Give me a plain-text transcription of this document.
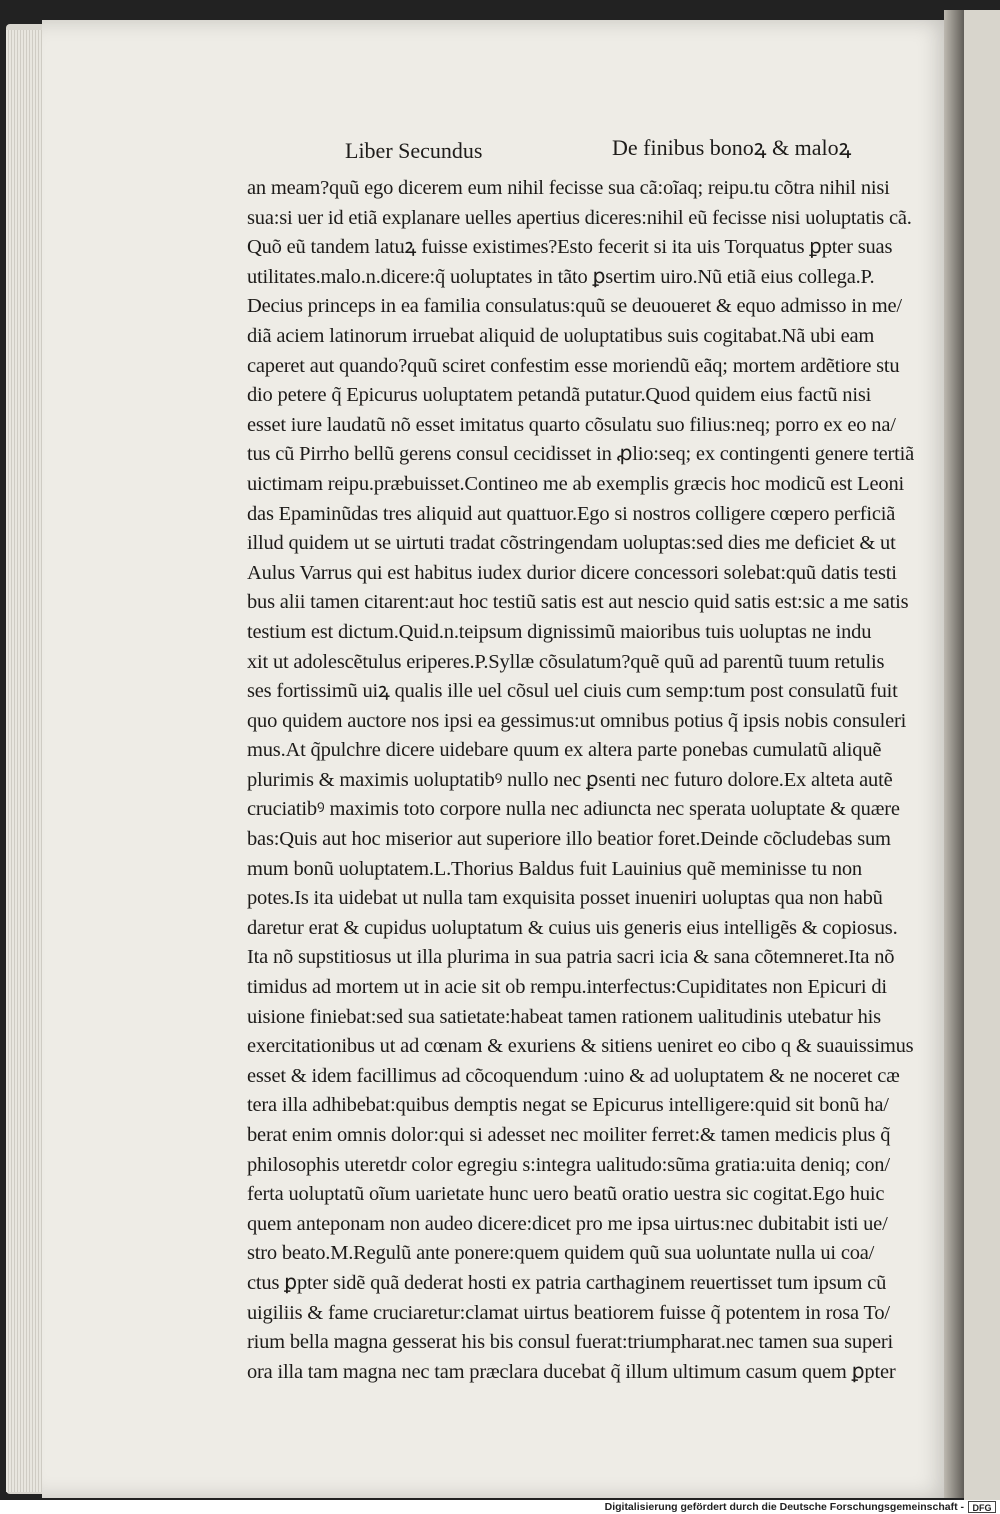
Liber Secundus	De finibus bonoꝝ & maloꝝ
an meam?quũ ego dicerem eum nihil fecisse sua cã:oĩaq; reipu.tu cõtra nihil nisi
sua:si uer id etiã explanare uelles apertius diceres:nihil eũ fecisse nisi uoluptatis cã.
Quõ eũ tandem latuꝝ fuisse existimes?Esto fecerit si ita uis Torquatus ꝑpter suas
utilitates.malo.n.dicere:q̃ uoluptates in tãto ꝑsertim uiro.Nũ etiã eius collega.P.
Decius princeps in ea familia consulatus:quũ se deuoueret & equo admisso in me/
diã aciem latinorum irruebat aliquid de uoluptatibus suis cogitabat.Nã ubi eam
caperet aut quando?quũ sciret confestim esse moriendũ eãq; mortem ardẽtiore stu
dio petere q̃ Epicurus uoluptatem petandã putatur.Quod quidem eius factũ nisi
esset iure laudatũ nõ esset imitatus quarto cõsulatu suo filius:neq; porro ex eo na/
tus cũ Pirrho bellũ gerens consul cecidisset in ꝓlio:seq; ex contingenti genere tertiã
uictimam reipu.præbuisset.Contineo me ab exemplis græcis hoc modicũ est Leoni
das Epaminũdas tres aliquid aut quattuor.Ego si nostros colligere cœpero perficiã
illud quidem ut se uirtuti tradat cõstringendam uoluptas:sed dies me deficiet & ut
Aulus Varrus qui est habitus iudex durior dicere concessori solebat:quũ datis testi
bus alii tamen citarent:aut hoc testiũ satis est aut nescio quid satis est:sic a me satis
testium est dictum.Quid.n.teipsum dignissimũ maioribus tuis uoluptas ne indu
xit ut adolescẽtulus eriperes.P.Syllæ cõsulatum?quẽ quũ ad parentũ tuum retulis
ses fortissimũ uiꝝ qualis ille uel cõsul uel ciuis cum semp:tum post consulatũ fuit
quo quidem auctore nos ipsi ea gessimus:ut omnibus potius q̃ ipsis nobis consuleri
mus.At q̃pulchre dicere uidebare quum ex altera parte ponebas cumulatũ aliquẽ
plurimis & maximis uoluptatibꝰ nullo nec ꝑsenti nec futuro dolore.Ex alteta autẽ
cruciatibꝰ maximis toto corpore nulla nec adiuncta nec sperata uoluptate & quære
bas:Quis aut hoc miserior aut superiore illo beatior foret.Deinde cõcludebas sum
mum bonũ uoluptatem.L.Thorius Baldus fuit Lauinius quẽ meminisse tu non
potes.Is ita uidebat ut nulla tam exquisita posset inueniri uoluptas qua non habũ
daretur erat & cupidus uoluptatum & cuius uis generis eius intelligẽs & copiosus.
Ita nõ supstitiosus ut illa plurima in sua patria sacri icia & sana cõtemneret.Ita nõ
timidus ad mortem ut in acie sit ob rempu.interfectus:Cupiditates non Epicuri di
uisione finiebat:sed sua satietate:habeat tamen rationem ualitudinis utebatur his
exercitationibus ut ad cœnam & exuriens & sitiens ueniret eo cibo q & suauissimus
esset & idem facillimus ad cõcoquendum :uino & ad uoluptatem & ne noceret cæ
tera illa adhibebat:quibus demptis negat se Epicurus intelligere:quid sit bonũ ha/
berat enim omnis dolor:qui si adesset nec moiliter ferret:& tamen medicis plus q̃
philosophis uteretdr color egregiu s:integra ualitudo:sũma gratia:uita deniq; con/
ferta uoluptatũ oĩum uarietate hunc uero beatũ oratio uestra sic cogitat.Ego huic
quem anteponam non audeo dicere:dicet pro me ipsa uirtus:nec dubitabit isti ue/
stro beato.M.Regulũ ante ponere:quem quidem quũ sua uoluntate nulla ui coa/
ctus ꝑpter sidẽ quã dederat hosti ex patria carthaginem reuertisset tum ipsum cũ
uigiliis & fame cruciaretur:clamat uirtus beatiorem fuisse q̃ potentem in rosa To/
rium bella magna gesserat his bis consul fuerat:triumpharat.nec tamen sua superi
ora illa tam magna nec tam præclara ducebat q̃ illum ultimum casum quem ꝑpter
Digitalisierung gefördert durch die Deutsche Forschungsgemeinschaft - DFG
